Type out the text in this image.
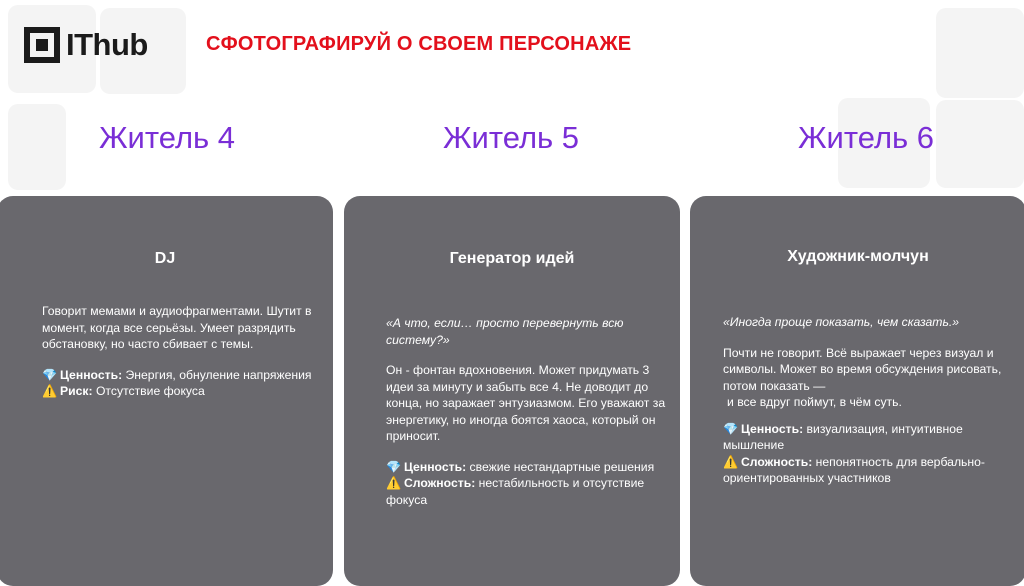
IThub	СФОТОГРАФИРУЙ О СВОЕМ ПЕРСОНАЖЕ
Житель 4	Житель 5	Житель 6
DJ

Говорит мемами и аудиофрагментами. Шутит в момент, когда все серьёзы. Умеет разрядить обстановку, но часто сбивает с темы.

💎 Ценность: Энергия, обнуление напряжения

⚠️ Риск: Отсутствие фокуса

Генератор идей

«А что, если… просто перевернуть всю систему?»

Он - фонтан вдохновения. Может придумать 3 идеи за минуту и забыть все 4. Не доводит до конца, но заражает энтузиазмом. Его уважают за энергетику, но иногда боятся хаоса, который он приносит.

💎 Ценность: свежие нестандартные решения

⚠️ Сложность: нестабильность и отсутствие фокуса

Художник-молчун

«Иногда проще показать, чем сказать.»

Почти не говорит. Всё выражает через визуал и символы. Может во время обсуждения рисовать, потом показать —

и все вдруг поймут, в чём суть.

💎 Ценность: визуализация, интуитивное мышление

⚠️ Сложность: непонятность для вербально-ориентированных участников
